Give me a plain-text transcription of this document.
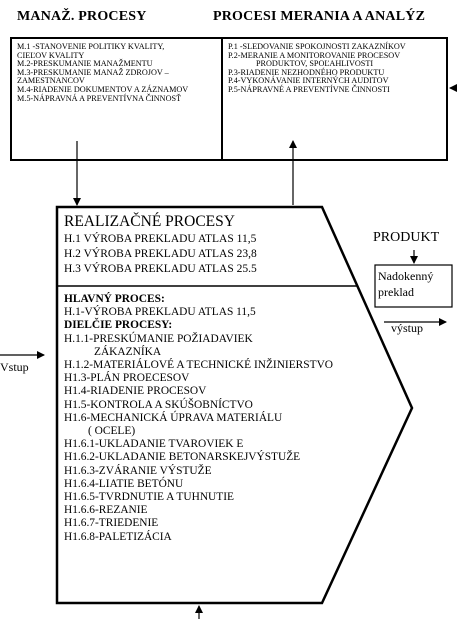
MANAŽ. PROCESY	PROCESI MERANIA A ANALÝZ
M.1 -STANOVENIE POLITIKY KVALITY,
CIEĽOV KVALITY
M.2-PRESKUMANIE MANAŽMENTU
M.3-PRESKUMANIE MANAŽ ZDROJOV –
ZAMESTNANCOV
M.4-RIADENIE DOKUMENTOV A ZÁZNAMOV
M.5-NÁPRAVNÁ A PREVENTÍVNA ČINNOSŤ
P.1 -SLEDOVANIE SPOKOJNOSTI ZAKAZNÍKOV
P.2-MERANIE A MONITOROVANIE PROCESOV
PRODUKTOV, SPOĽAHLIVOSTI
P.3-RIADENIE NEZHODNÉHO PRODUKTU
P.4-VYKONÁVANIE INTERNÝCH AUDITOV
P.5-NÁPRAVNÉ A PREVENTÍVNE ČINNOSTI
REALIZAČNÉ PROCESY
H.1 VÝROBA PREKLADU ATLAS 11,5
H.2 VÝROBA PREKLADU ATLAS 23,8
H.3 VÝROBA PREKLADU ATLAS 25.5
HLAVNÝ PROCES:
H.1-VÝROBA PREKLADU ATLAS 11,5
DIELČIE PROCESY:
H.1.1-PRESKÚMANIE POŽIADAVIEK
ZÁKAZNÍKA
H.1.2-MATERIÁLOVÉ A TECHNICKÉ INŽINIERSTVO
H1.3-PLÁN PROECESOV
H1.4-RIADENIE PROCESOV
H1.5-KONTROLA A SKÚŠOBNÍCTVO
H1.6-MECHANICKÁ ÚPRAVA MATERIÁLU
( OCELE)
H1.6.1-UKLADANIE TVAROVIEK E
H1.6.2-UKLADANIE BETONARSKEJVÝSTUŽE
H1.6.3-ZVÁRANIE VÝSTUŽE
H1.6.4-LIATIE BETÓNU
H1.6.5-TVRDNUTIE A TUHNUTIE
H1.6.6-REZANIE
H1.6.7-TRIEDENIE
H1.6.8-PALETIZÁCIA
PRODUKT
Nadokenný
preklad
výstup
Vstup
